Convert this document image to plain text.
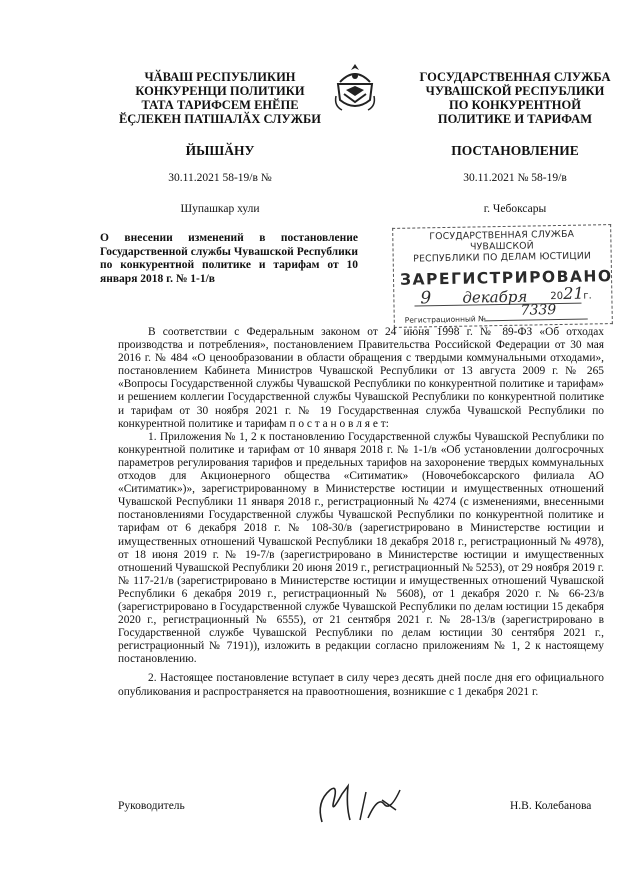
ЧӐВАШ РЕСПУБЛИКИН
КОНКУРЕНЦИ ПОЛИТИКИ
ТАТА ТАРИФСЕМ ЕНӖПЕ
ӖҪЛЕКЕН ПАТШАЛӐХ СЛУЖБИ
ГОСУДАРСТВЕННАЯ СЛУЖБА
ЧУВАШСКОЙ РЕСПУБЛИКИ
ПО КОНКУРЕНТНОЙ
ПОЛИТИКЕ И ТАРИФАМ
ЙЫШӐНУ	ПОСТАНОВЛЕНИЕ
30.11.2021 58-19/в №	30.11.2021 № 58-19/в
Шупашкар хули	г. Чебоксары
О внесении изменений в постановление Государственной службы Чувашской Республики по конкурентной политике и тарифам от 10 января 2018 г. № 1-1/в
ГОСУДАРСТВЕННАЯ СЛУЖБА ЧУВАШСКОЙ
РЕСПУБЛИКИ ПО ДЕЛАМ ЮСТИЦИИ
ЗАРЕГИСТРИРОВАНО
9 декабря 20 21 г.
7339
Регистрационный №

В соответствии с Федеральным законом от 24 июня 1998 г. № 89-ФЗ «Об отходах производства и потребления», постановлением Правительства Российской Федерации от 30 мая 2016 г. № 484 «О ценообразовании в области обращения с твердыми коммунальными отходами», постановлением Кабинета Министров Чувашской Республики от 13 августа 2009 г. № 265 «Вопросы Государственной службы Чувашской Республики по конкурентной политике и тарифам» и решением коллегии Государственной службы Чувашской Республики по конкурентной политике и тарифам от 30 ноября 2021 г. № 19 Государственная служба Чувашской Республики по конкурентной политике и тарифам п о с т а н о в л я е т:

1. Приложения № 1, 2 к постановлению Государственной службы Чувашской Республики по конкурентной политике и тарифам от 10 января 2018 г. № 1-1/в «Об установлении долгосрочных параметров регулирования тарифов и предельных тарифов на захоронение твердых коммунальных отходов для Акционерного общества «Ситиматик» (Новочебоксарского филиала АО «Ситиматик»)», зарегистрированному в Министерстве юстиции и имущественных отношений Чувашской Республики 11 января 2018 г., регистрационный № 4274 (с изменениями, внесенными постановлениями Государственной службы Чувашской Республики по конкурентной политике и тарифам от 6 декабря 2018 г. № 108-30/в (зарегистрировано в Министерстве юстиции и имущественных отношений Чувашской Республики 18 декабря 2018 г., регистрационный № 4978), от 18 июня 2019 г. № 19-7/в (зарегистрировано в Министерстве юстиции и имущественных отношений Чувашской Республики 20 июня 2019 г., регистрационный № 5253), от 29 ноября 2019 г. № 117-21/в (зарегистрировано в Министерстве юстиции и имущественных отношений Чувашской Республики 6 декабря 2019 г., регистрационный № 5608), от 1 декабря 2020 г. № 66-23/в (зарегистрировано в Государственной службе Чувашской Республики по делам юстиции 15 декабря 2020 г., регистрационный № 6555), от 21 сентября 2021 г. № 28-13/в (зарегистрировано в Государственной службе Чувашской Республики по делам юстиции 30 сентября 2021 г., регистрационный № 7191)), изложить в редакции согласно приложениям № 1, 2 к настоящему постановлению.

2. Настоящее постановление вступает в силу через десять дней после дня его официального опубликования и распространяется на правоотношения, возникшие с 1 декабря 2021 г.

Руководитель	Н.В. Колебанова
